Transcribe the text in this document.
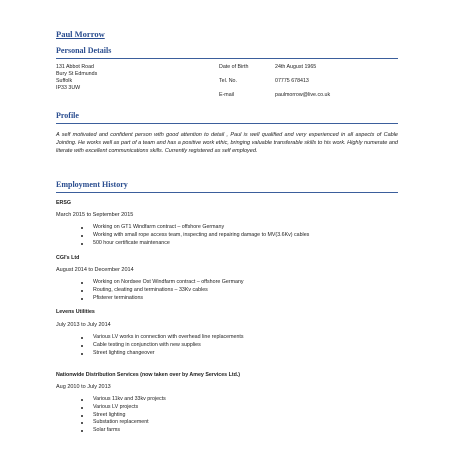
Paul Morrow
Personal Details
131 Abbot Road
Bury St Edmunds
Suffolk
IP33 3UW
Date of Birth	24th August 1965
Tel. No.	07775 678413
E-mail	paulmorrow@live.co.uk
Profile
A self motivated and confident person with good attention to detail , Paul is well qualified and very experienced in all aspects of Cable Jointing. He works well as part of a team and has a positive work ethic, bringing valuable transferable skills to his work. Highly numerate and literate with excellent communications skills. Currently registered as self employed.
Employment History
ERSG
March 2015 to September 2015
Working on GT1 Windfarm contract – offshore Germany
Working with small rope access team, inspecting and repairing damage to MV(3.6Kv) cables
500 hour certificate maintenance
CGI's Ltd
August 2014 to December 2014
Working on Nordsee Ost Windfarm contract – offshore Germany
Routing, cleating and terminations – 33Kv cables
Pfisterer terminations
Levens Utilities
July 2013 to July 2014
Various LV works in connection with overhead line replacements
Cable testing in conjunction with new supplies
Street lighting changeover
Nationwide Distribution Services (now taken over by Amey Services Ltd.)
Aug 2010 to July 2013
Various 11kv and 33kv projects
Various LV projects
Street lighting
Substation replacement
Solar farms
